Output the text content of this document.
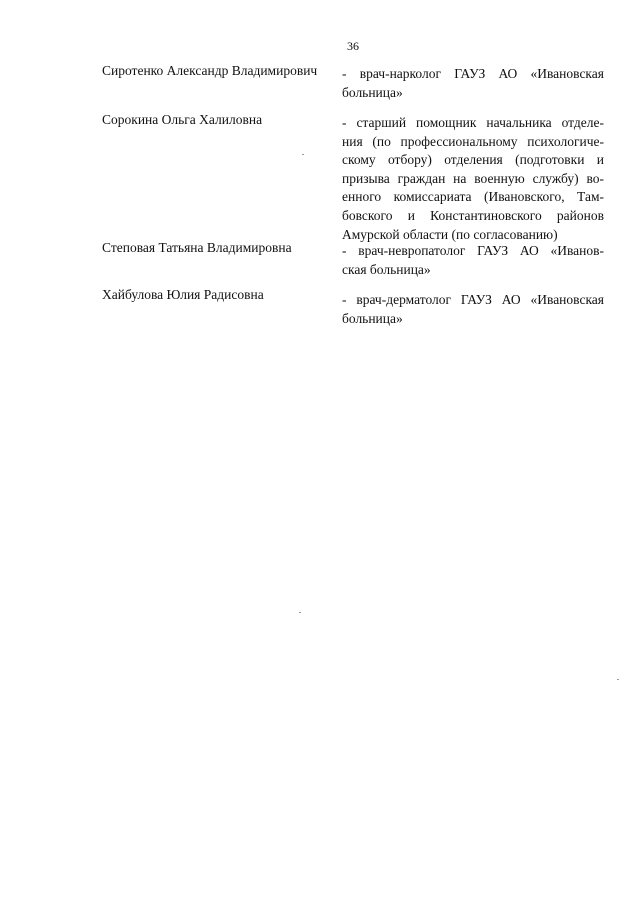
36
Сиротенко Александр Владимирович - врач-нарколог ГАУЗ АО «Ивановская
больница»
Сорокина Ольга Халиловна	- старший помощник начальника отделе-
ния (по профессиональному психологиче-
скому отбору) отделения (подготовки и
призыва граждан на военную службу) во-
енного комиссариата (Ивановского, Там-
бовского и Константиновского районов
Амурской области (по согласованию)
Степовая Татьяна Владимировна	- врач-невропатолог ГАУЗ АО «Иванов-
ская больница»
Хайбулова Юлия Радисовна	- врач-дерматолог ГАУЗ АО «Ивановская
больница»
